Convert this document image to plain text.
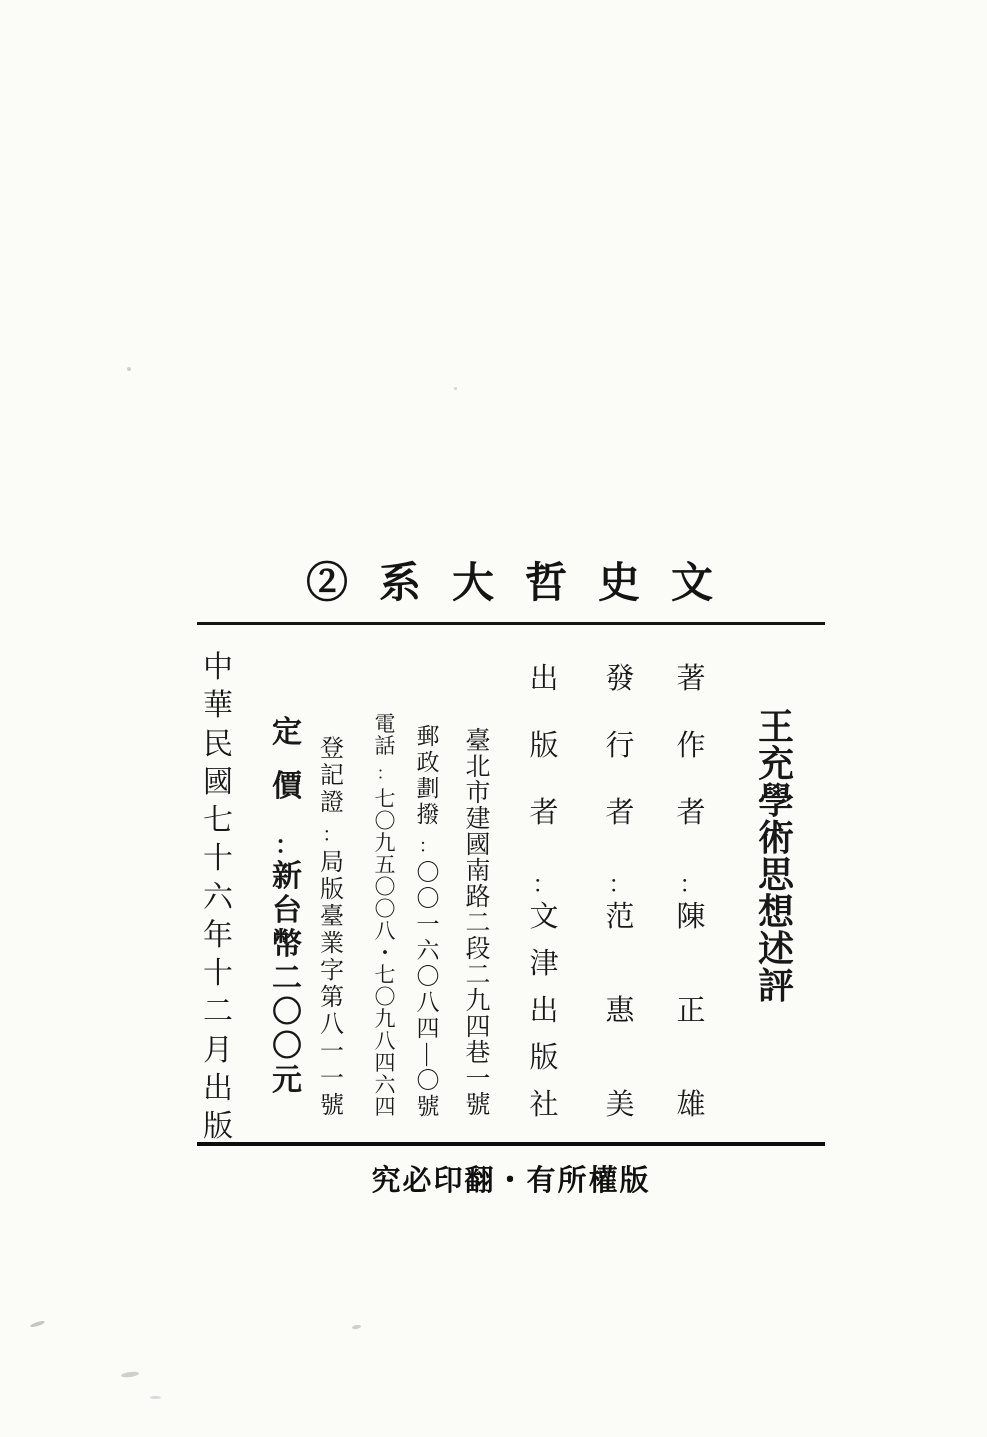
②系大哲史文
王
充
學
術
思
想
述
評
著
作
者
：
陳
正
雄
發
行
者
：
范
惠
美
出
版
者
：
文
津
出
版
社
臺
北
市
建
國
南
路
二
段
二
九
四
巷
一
號
郵
政
劃
撥
：
〇
〇
一
六
〇
八
四
—
〇
號
電
話
：
七
〇
九
五
〇
〇
八
・
七
〇
九
八
四
六
四
登
記
證
：
局
版
臺
業
字
第
八
一
一
號
定
價
：
新
台
幣
二
〇
〇
元
中
華
民
國
七
十
六
年
十
二
月
出
版
究必印翻・有所權版
